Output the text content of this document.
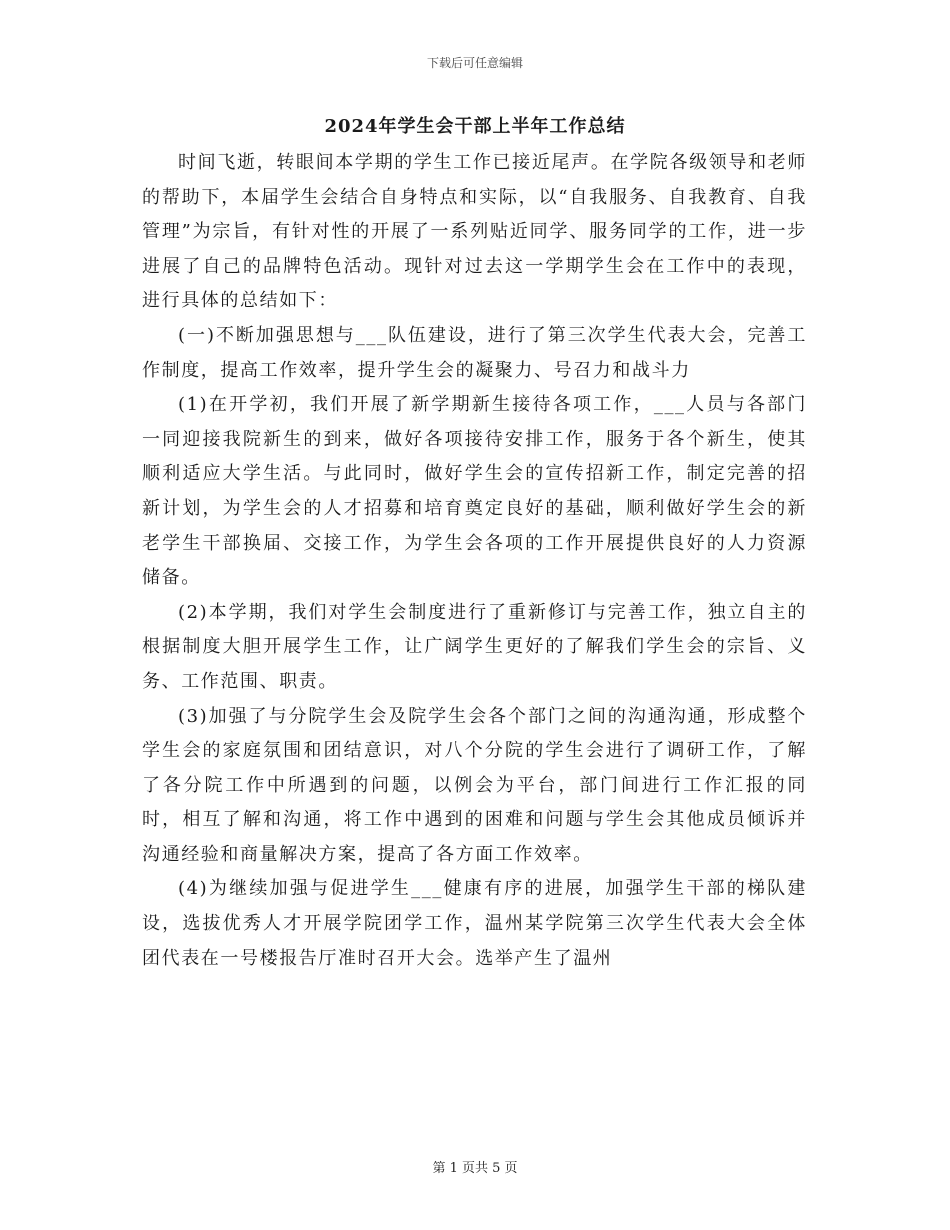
下载后可任意编辑
2024年学生会干部上半年工作总结

时间飞逝，转眼间本学期的学生工作已接近尾声。在学院各级领导和老师的帮助下，本届学生会结合自身特点和实际，以“自我服务、自我教育、自我管理”为宗旨，有针对性的开展了一系列贴近同学、服务同学的工作，进一步进展了自己的品牌特色活动。现针对过去这一学期学生会在工作中的表现，进行具体的总结如下：

(一)不断加强思想与___队伍建设，进行了第三次学生代表大会，完善工作制度，提高工作效率，提升学生会的凝聚力、号召力和战斗力

(1)在开学初，我们开展了新学期新生接待各项工作，___人员与各部门一同迎接我院新生的到来，做好各项接待安排工作，服务于各个新生，使其顺利适应大学生活。与此同时，做好学生会的宣传招新工作，制定完善的招新计划，为学生会的人才招募和培育奠定良好的基础，顺利做好学生会的新老学生干部换届、交接工作，为学生会各项的工作开展提供良好的人力资源储备。

(2)本学期，我们对学生会制度进行了重新修订与完善工作，独立自主的根据制度大胆开展学生工作，让广阔学生更好的了解我们学生会的宗旨、义务、工作范围、职责。

(3)加强了与分院学生会及院学生会各个部门之间的沟通沟通，形成整个学生会的家庭氛围和团结意识，对八个分院的学生会进行了调研工作，了解了各分院工作中所遇到的问题，以例会为平台，部门间进行工作汇报的同时，相互了解和沟通，将工作中遇到的困难和问题与学生会其他成员倾诉并沟通经验和商量解决方案，提高了各方面工作效率。

(4)为继续加强与促进学生___健康有序的进展，加强学生干部的梯队建设，选拔优秀人才开展学院团学工作，温州某学院第三次学生代表大会全体团代表在一号楼报告厅准时召开大会。选举产生了温州

第 1 页共 5 页
